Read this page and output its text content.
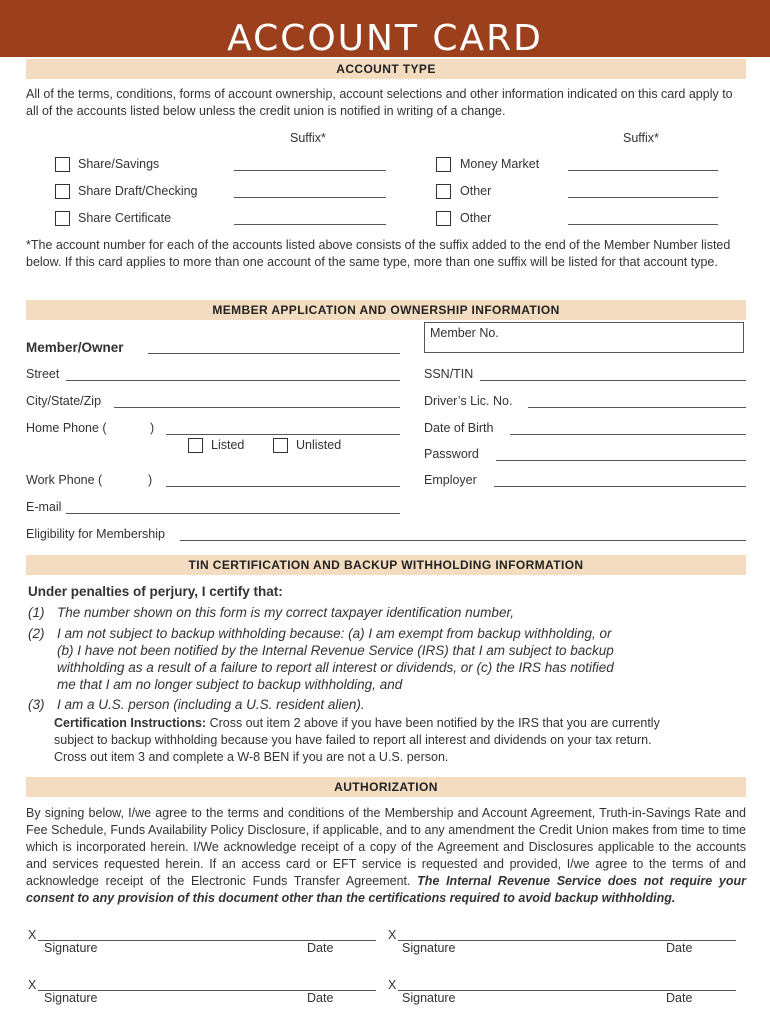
ACCOUNT CARD
ACCOUNT TYPE
All of the terms, conditions, forms of account ownership, account selections and other information indicated on this card apply to all of the accounts listed below unless the credit union is notified in writing of a change.
Suffix*	Suffix*
Share/Savings
Share Draft/Checking
Share Certificate
Money Market
Other
Other
*The account number for each of the accounts listed above consists of the suffix added to the end of the Member Number listed below. If this card applies to more than one account of the same type, more than one suffix will be listed for that account type.
MEMBER APPLICATION AND OWNERSHIP INFORMATION
Member No.
Member/Owner
Street	SSN/TIN
City/State/Zip	Driver’s Lic. No.
Home Phone (	)	Date of Birth
Listed	Unlisted
Password
Work Phone (	)	Employer
E-mail
Eligibility for Membership
TIN CERTIFICATION AND BACKUP WITHHOLDING INFORMATION
Under penalties of perjury, I certify that:
(1) The number shown on this form is my correct taxpayer identification number,
(2) I am not subject to backup withholding because: (a) I am exempt from backup withholding, or
(b) I have not been notified by the Internal Revenue Service (IRS) that I am subject to backup
withholding as a result of a failure to report all interest or dividends, or (c) the IRS has notified
me that I am no longer subject to backup withholding, and
(3) I am a U.S. person (including a U.S. resident alien).
Certification Instructions: Cross out item 2 above if you have been notified by the IRS that you are currently
subject to backup withholding because you have failed to report all interest and dividends on your tax return.
Cross out item 3 and complete a W-8 BEN if you are not a U.S. person.
AUTHORIZATION
By signing below, I/we agree to the terms and conditions of the Membership and Account Agreement, Truth-in-Savings Rate and Fee Schedule, Funds Availability Policy Disclosure, if applicable, and to any amendment the Credit Union makes from time to time which is incorporated herein. I/We acknowledge receipt of a copy of the Agreement and Disclosures applicable to the accounts and services requested herein. If an access card or EFT service is requested and provided, I/we agree to the terms of and acknowledge receipt of the Electronic Funds Transfer Agreement. The Internal Revenue Service does not require your consent to any provision of this document other than the certifications required to avoid backup withholding.
X
Signature	Date
X
Signature	Date
X
Signature	Date
X
Signature	Date
